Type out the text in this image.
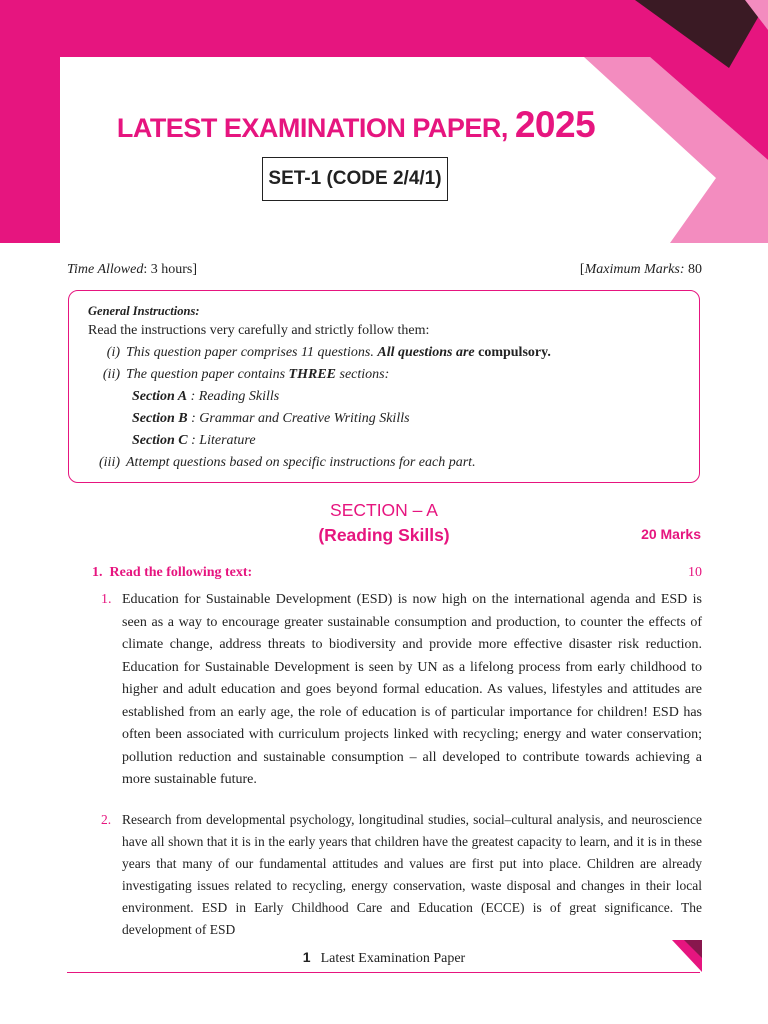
LATEST EXAMINATION PAPER, 2025
SET-1 (CODE 2/4/1)
Time Allowed: 3 hours]	[Maximum Marks: 80
General Instructions:
Read the instructions very carefully and strictly follow them:
(i) This question paper comprises 11 questions. All questions are compulsory.
(ii) The question paper contains THREE sections:
Section A : Reading Skills
Section B : Grammar and Creative Writing Skills
Section C : Literature
(iii) Attempt questions based on specific instructions for each part.
SECTION – A
(Reading Skills)	20 Marks
1.  Read the following text:	10
1. Education for Sustainable Development (ESD) is now high on the international agenda and ESD is seen as a way to encourage greater sustainable consumption and production, to counter the effects of climate change, address threats to biodiversity and provide more effective disaster risk reduction. Education for Sustainable Development is seen by UN as a lifelong process from early childhood to higher and adult education and goes beyond formal education. As values, lifestyles and attitudes are established from an early age, the role of education is of particular importance for children! ESD has often been associated with curriculum projects linked with recycling; energy and water conservation; pollution reduction and sustainable consumption – all developed to contribute towards achieving a more sustainable future.
2. Research from developmental psychology, longitudinal studies, social–cultural analysis, and neuroscience have all shown that it is in the early years that children have the greatest capacity to learn, and it is in these years that many of our fundamental attitudes and values are first put into place. Children are already investigating issues related to recycling, energy conservation, waste disposal and changes in their local environment. ESD in Early Childhood Care and Education (ECCE) is of great significance. The development of ESD
1 Latest Examination Paper
